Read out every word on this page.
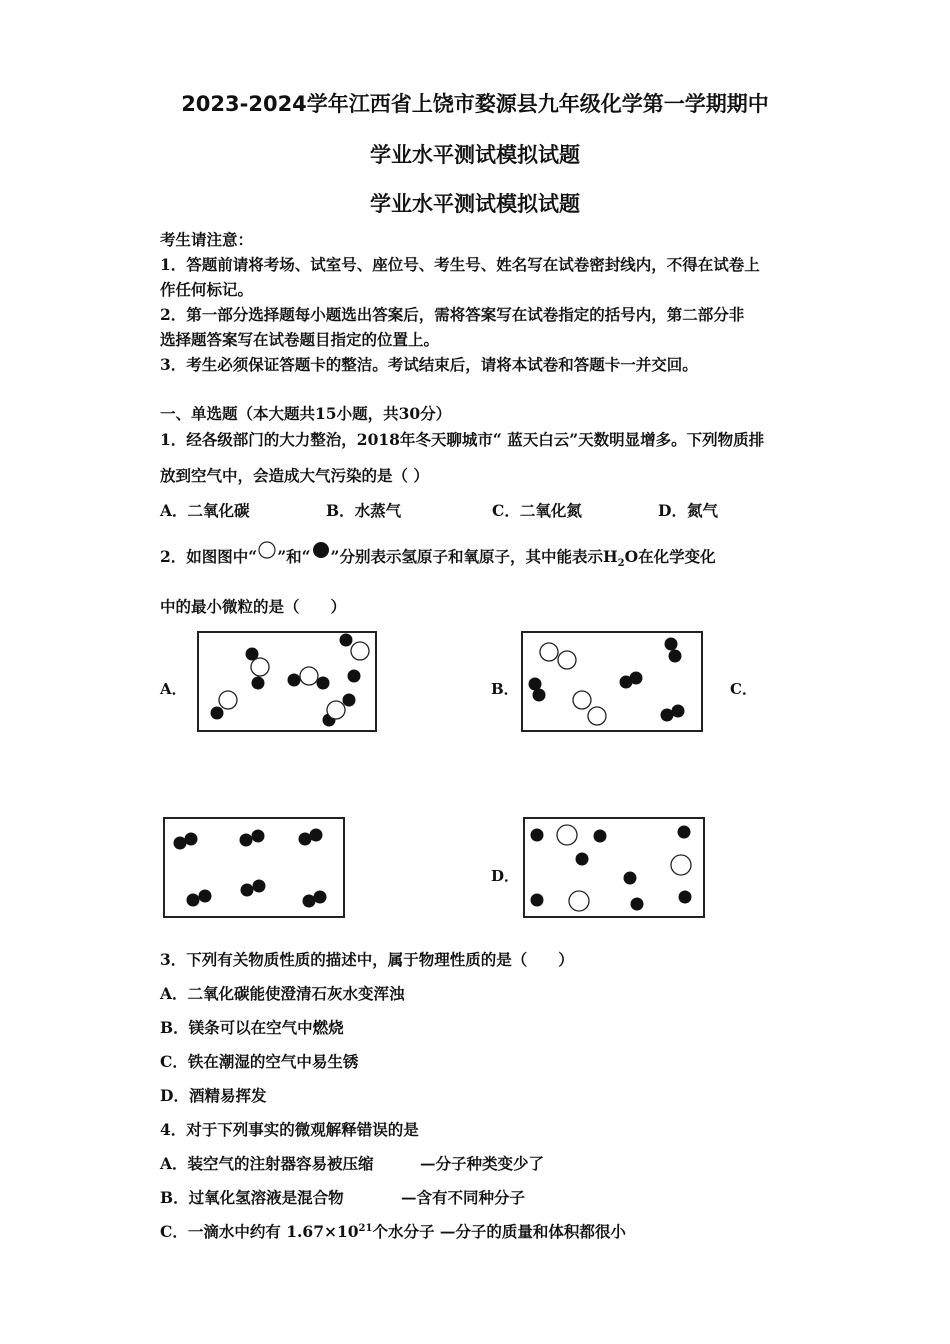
2023-2024学年江西省上饶市婺源县九年级化学第一学期期中
学业水平测试模拟试题
学业水平测试模拟试题
考生请注意：
1．答题前请将考场、试室号、座位号、考生号、姓名写在试卷密封线内，不得在试卷上
作任何标记。
2．第一部分选择题每小题选出答案后，需将答案写在试卷指定的括号内，第二部分非
选择题答案写在试卷题目指定的位置上。
3．考生必须保证答题卡的整洁。考试结束后，请将本试卷和答题卡一并交回。
一、单选题（本大题共15小题，共30分）
1．经各级部门的大力整治，2018年冬天聊城市“ 蓝天白云”天数明显增多。下列物质排
放到空气中，会造成大气污染的是（ ）
A．二氧化碳	B．水蒸气	C．二氧化氮	D．氮气
2．如图图中“ ”和“ ”分别表示氢原子和氧原子，其中能表示$H_2O$在化学变化
中的最小微粒的是（　　）
A．	B．	C．
D．
3．下列有关物质性质的描述中，属于物理性质的是（　　）
A．二氧化碳能使澄清石灰水变浑浊
B．镁条可以在空气中燃烧
C．铁在潮湿的空气中易生锈
D．酒精易挥发
4．对于下列事实的微观解释错误的是
A．装空气的注射器容易被压缩	—分子种类变少了
B．过氧化氢溶液是混合物	—含有不同种分子
C．一滴水中约有 $1.67\times 10^{21}$个水分子 —分子的质量和体积都很小
